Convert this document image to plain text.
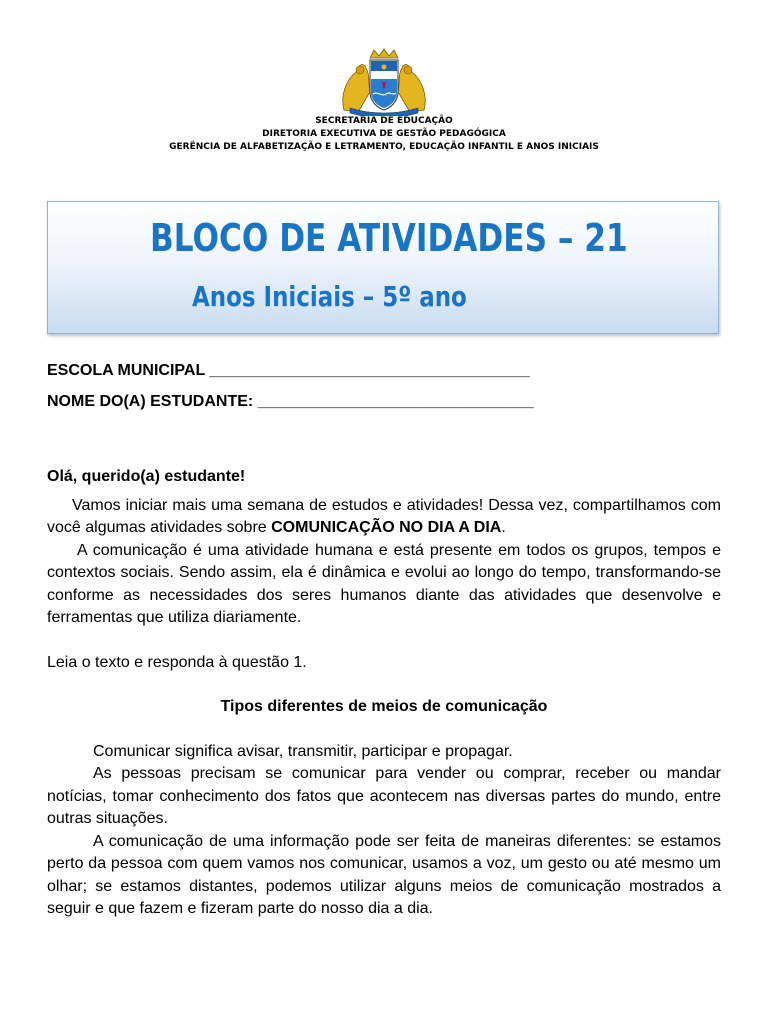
SECRETARIA DE EDUCAÇÃO
DIRETORIA EXECUTIVA DE GESTÃO PEDAGÓGICA
GERÊNCIA DE ALFABETIZAÇÃO E LETRAMENTO, EDUCAÇÃO INFANTIL E ANOS INICIAIS
BLOCO DE ATIVIDADES – 21
Anos Iniciais – 5º ano
ESCOLA MUNICIPAL ____________________________________
NOME DO(A) ESTUDANTE: _______________________________

Olá, querido(a) estudante!

Vamos iniciar mais uma semana de estudos e atividades! Dessa vez, compartilhamos com você algumas atividades sobre COMUNICAÇÃO NO DIA A DIA.

A comunicação é uma atividade humana e está presente em todos os grupos, tempos e contextos sociais. Sendo assim, ela é dinâmica e evolui ao longo do tempo, transformando-se conforme as necessidades dos seres humanos diante das atividades que desenvolve e ferramentas que utiliza diariamente.

Leia o texto e responda à questão 1.

Tipos diferentes de meios de comunicação

Comunicar significa avisar, transmitir, participar e propagar.

As pessoas precisam se comunicar para vender ou comprar, receber ou mandar notícias, tomar conhecimento dos fatos que acontecem nas diversas partes do mundo, entre outras situações.

A comunicação de uma informação pode ser feita de maneiras diferentes: se estamos perto da pessoa com quem vamos nos comunicar, usamos a voz, um gesto ou até mesmo um olhar; se estamos distantes, podemos utilizar alguns meios de comunicação mostrados a seguir e que fazem e fizeram parte do nosso dia a dia.
